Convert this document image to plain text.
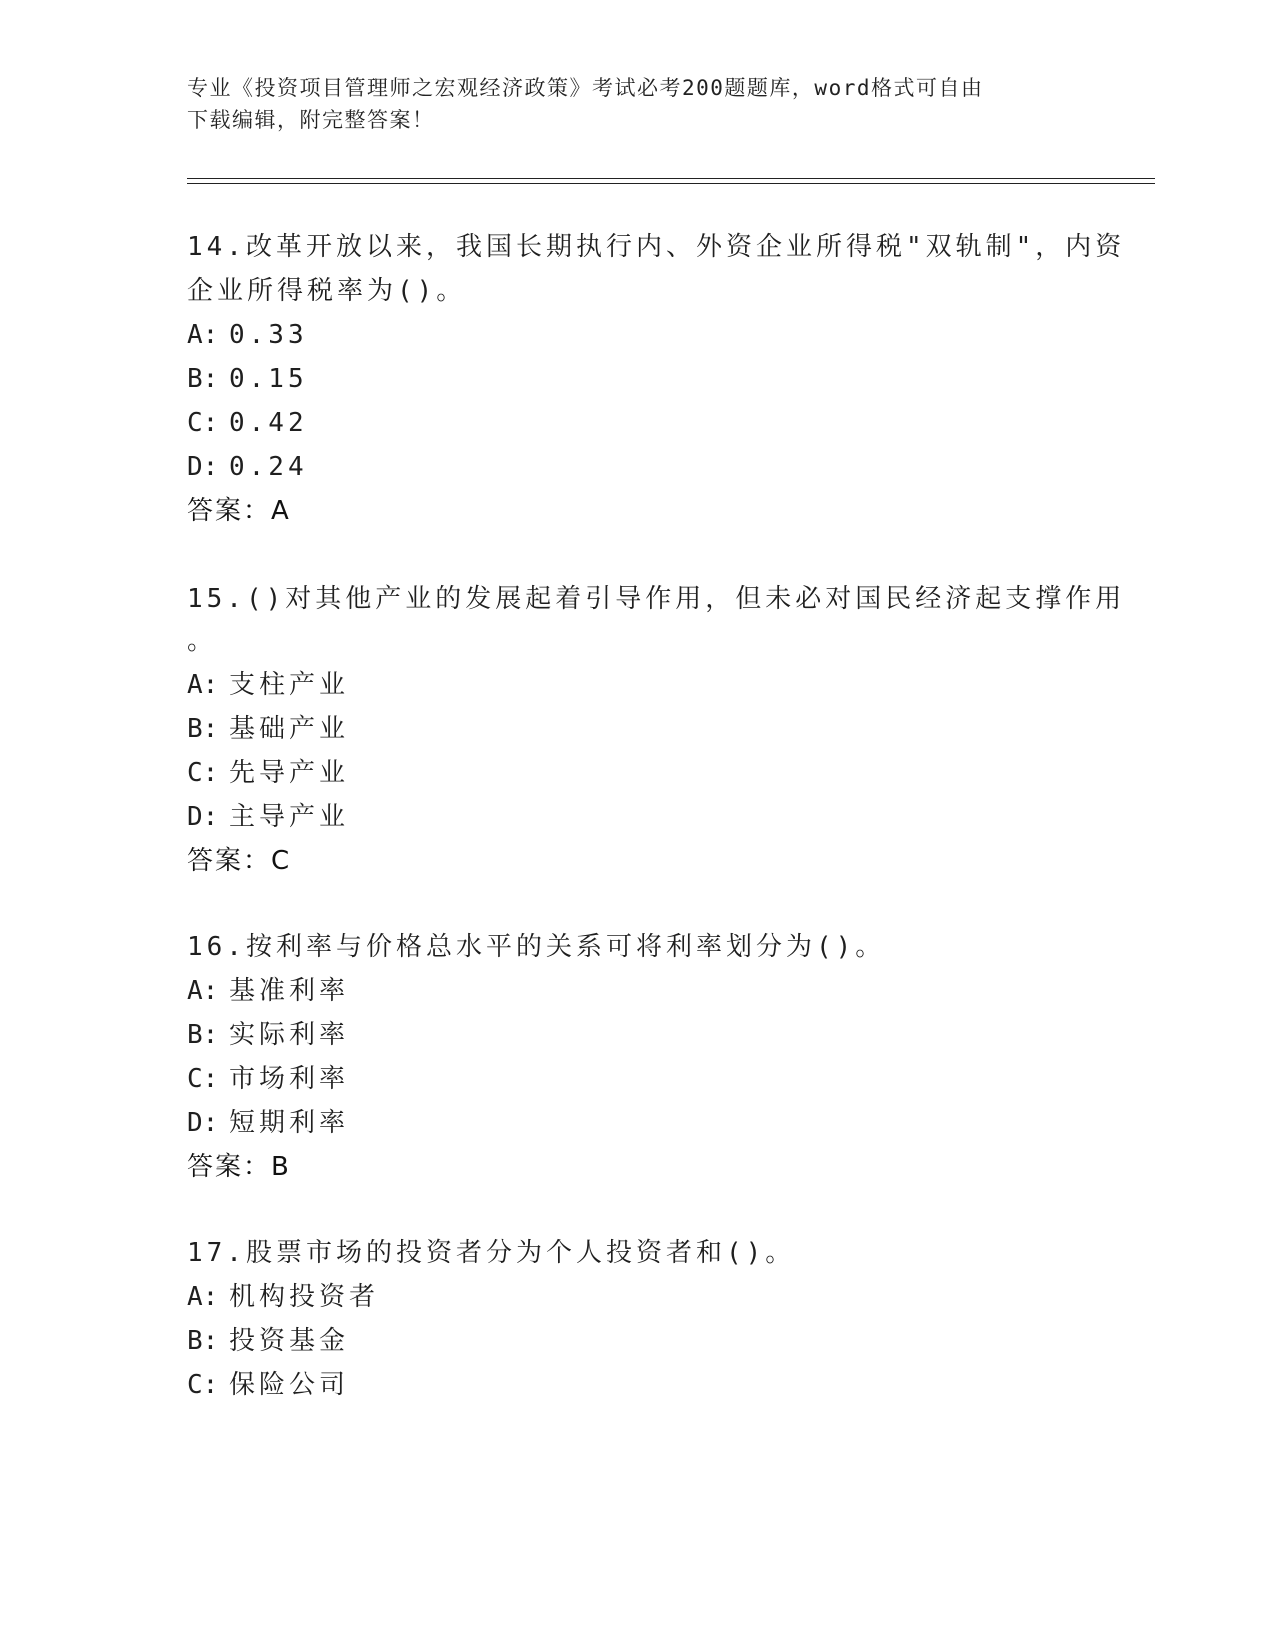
专业《投资项目管理师之宏观经济政策》考试必考200题题库，word格式可自由
下载编辑，附完整答案！
14.改革开放以来，我国长期执行内、外资企业所得税"双轨制"，内资
企业所得税率为()。
A: 0.33
B: 0.15
C: 0.42
D: 0.24
答案：A
15.()对其他产业的发展起着引导作用，但未必对国民经济起支撑作用
。
A: 支柱产业
B: 基础产业
C: 先导产业
D: 主导产业
答案：C
16.按利率与价格总水平的关系可将利率划分为()。
A: 基准利率
B: 实际利率
C: 市场利率
D: 短期利率
答案：B
17.股票市场的投资者分为个人投资者和()。
A: 机构投资者
B: 投资基金
C: 保险公司
